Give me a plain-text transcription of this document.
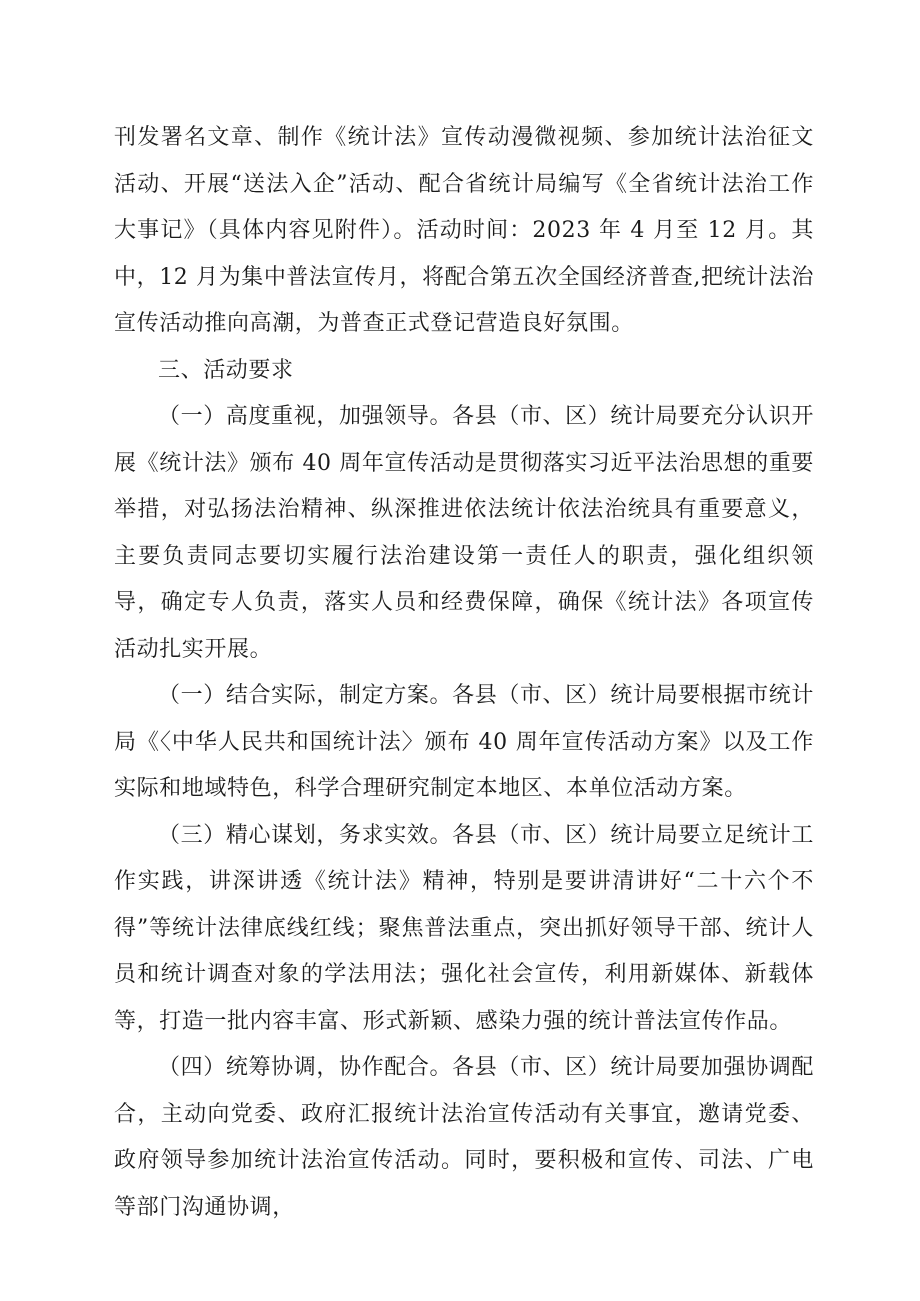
刊发署名文章、制作《统计法》宣传动漫微视频、参加统计法治征文活动、开展“送法入企”活动、配合省统计局编写《全省统计法治工作大事记》（具体内容见附件）。活动时间：2023 年 4 月至 12 月。其中，12 月为集中普法宣传月，将配合第五次全国经济普查,把统计法治宣传活动推向高潮，为普查正式登记营造良好氛围。

三、活动要求

（一）高度重视，加强领导。各县（市、区）统计局要充分认识开展《统计法》颁布 40 周年宣传活动是贯彻落实习近平法治思想的重要举措，对弘扬法治精神、纵深推进依法统计依法治统具有重要意义，主要负责同志要切实履行法治建设第一责任人的职责，强化组织领导，确定专人负责，落实人员和经费保障，确保《统计法》各项宣传活动扎实开展。

（一）结合实际，制定方案。各县（市、区）统计局要根据市统计局《〈中华人民共和国统计法〉颁布 40 周年宣传活动方案》以及工作实际和地域特色，科学合理研究制定本地区、本单位活动方案。

（三）精心谋划，务求实效。各县（市、区）统计局要立足统计工作实践，讲深讲透《统计法》精神，特别是要讲清讲好“二十六个不得”等统计法律底线红线；聚焦普法重点，突出抓好领导干部、统计人员和统计调查对象的学法用法；强化社会宣传，利用新媒体、新载体等，打造一批内容丰富、形式新颖、感染力强的统计普法宣传作品。

（四）统筹协调，协作配合。各县（市、区）统计局要加强协调配合，主动向党委、政府汇报统计法治宣传活动有关事宜，邀请党委、政府领导参加统计法治宣传活动。同时，要积极和宣传、司法、广电等部门沟通协调，
